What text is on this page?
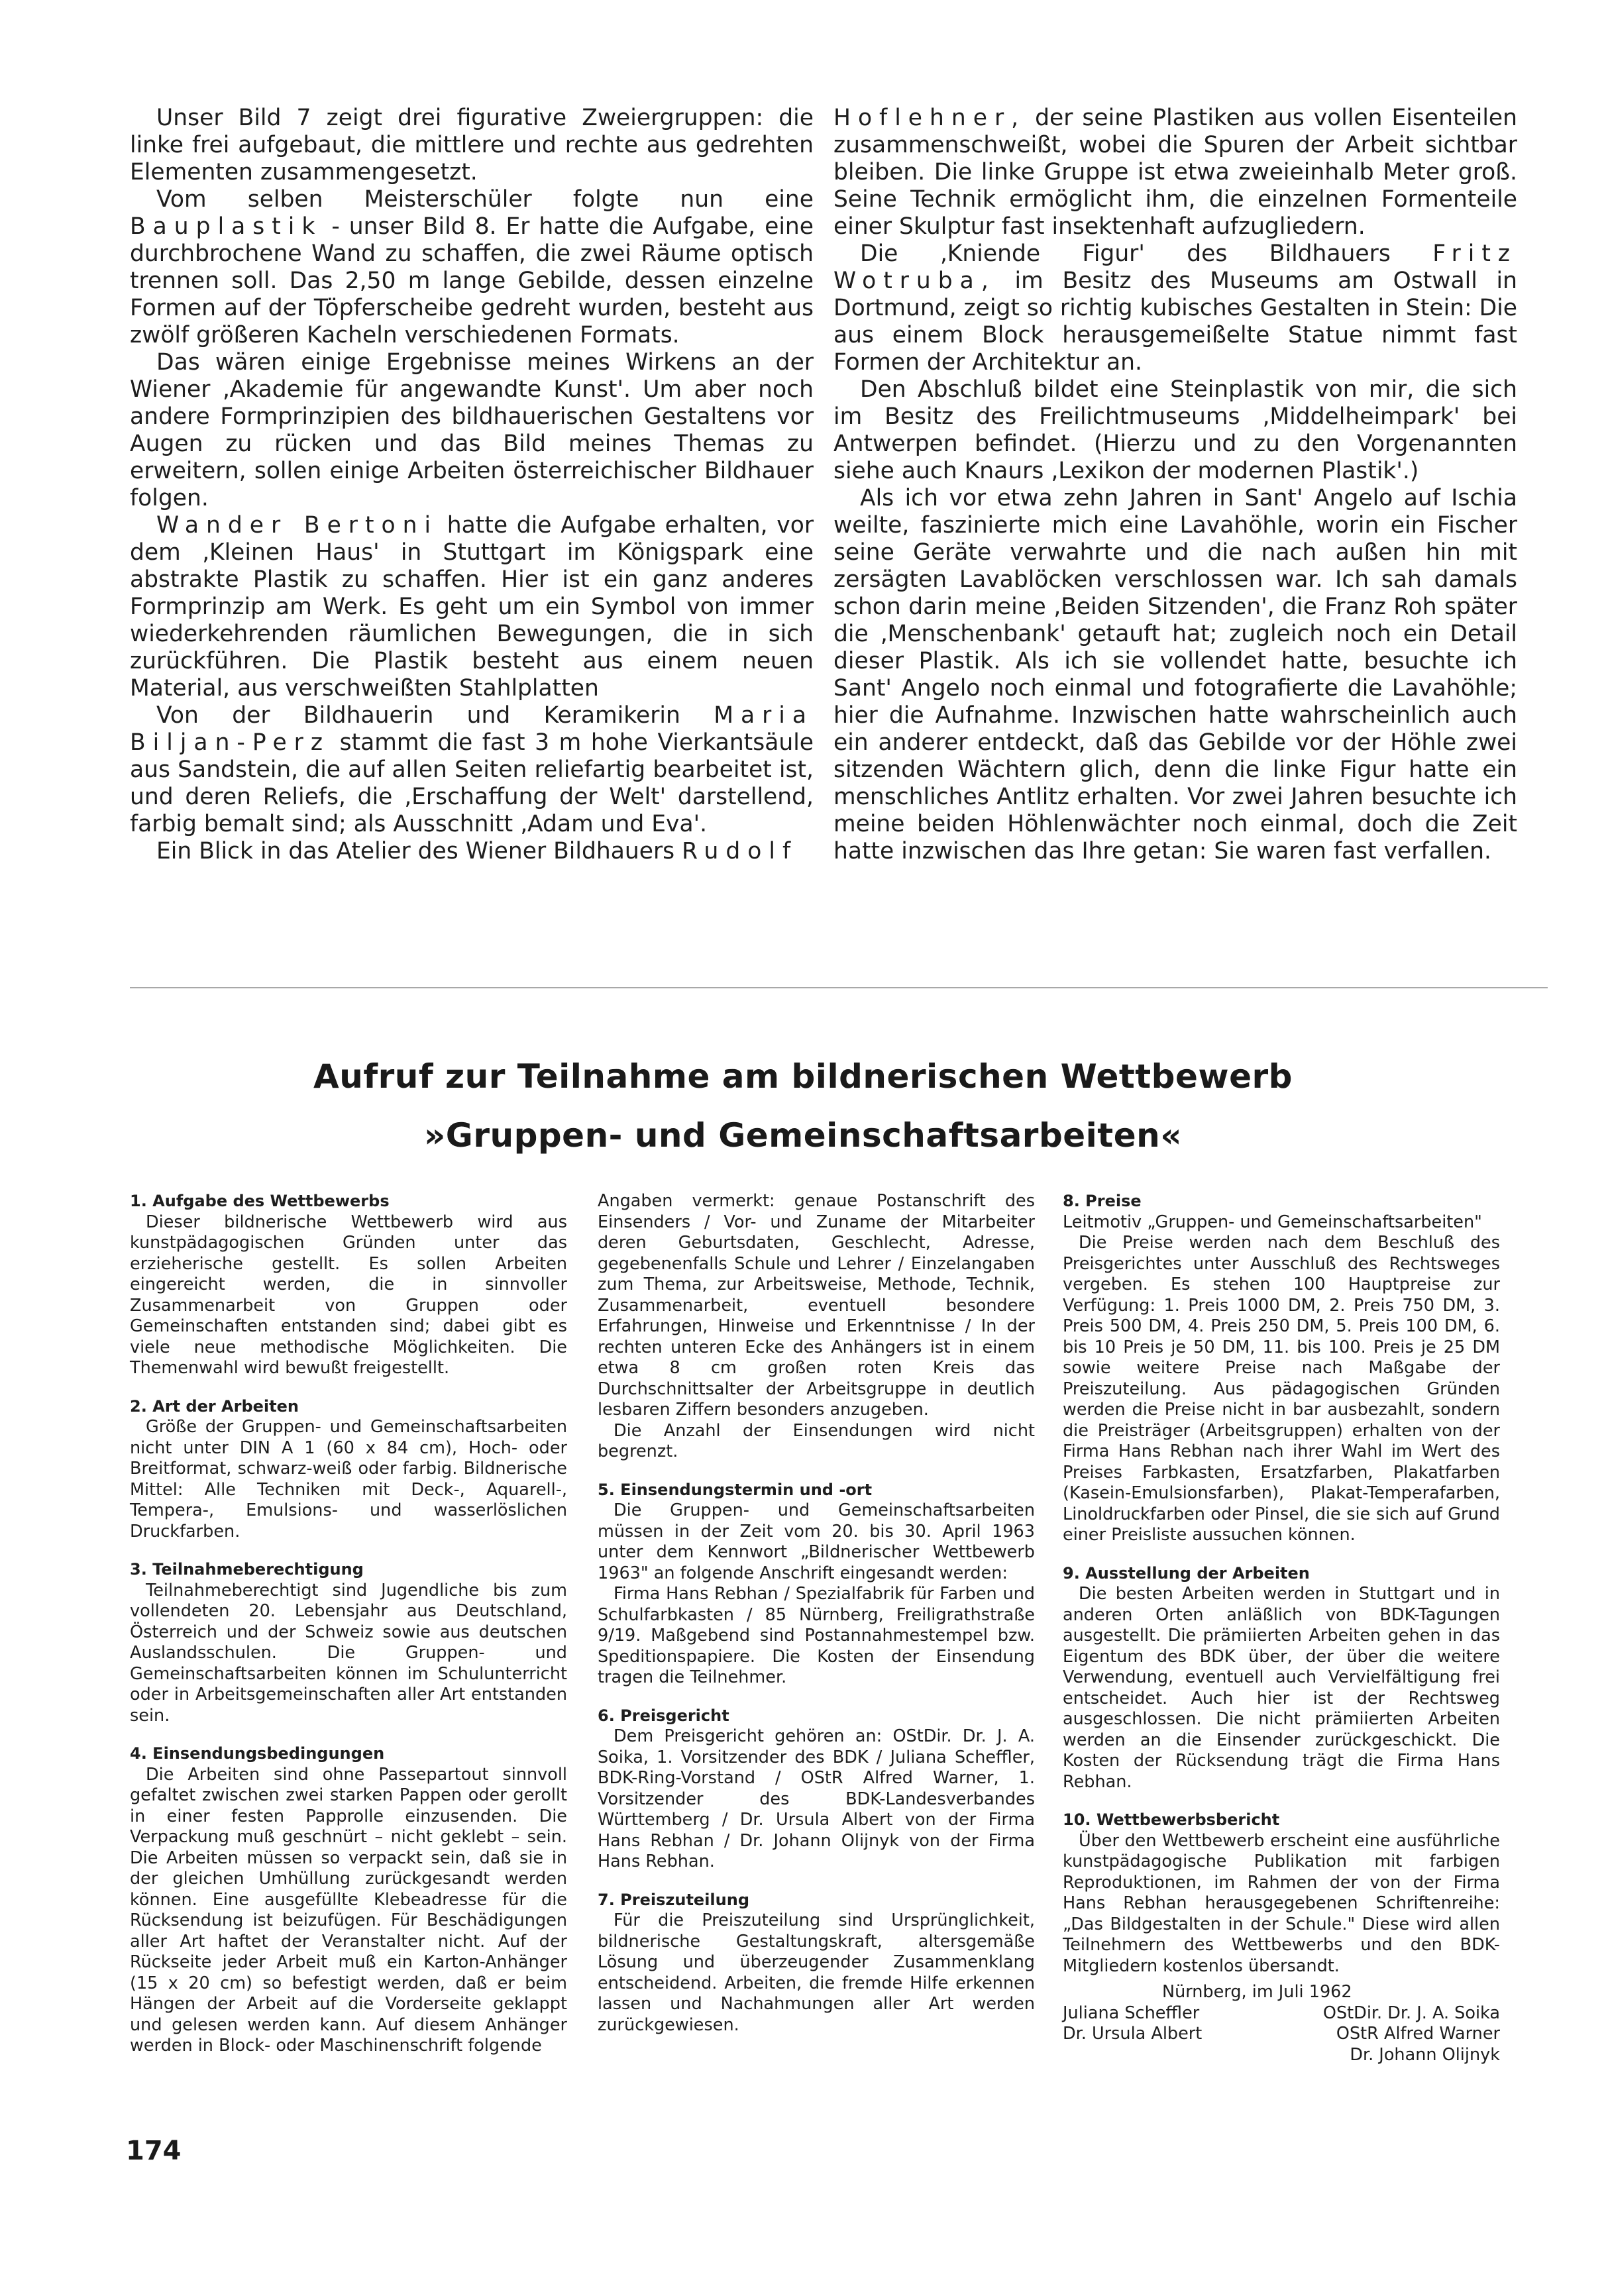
Unser Bild 7 zeigt drei figurative Zweiergruppen: die linke frei aufgebaut, die mittlere und rechte aus gedrehten Elementen zusammengesetzt.

Vom selben Meisterschüler folgte nun eine Bauplastik - unser Bild 8. Er hatte die Aufgabe, eine durchbrochene Wand zu schaffen, die zwei Räume optisch trennen soll. Das 2,50 m lange Gebilde, dessen einzelne Formen auf der Töpferscheibe gedreht wurden, besteht aus zwölf größeren Kacheln verschiedenen Formats.

Das wären einige Ergebnisse meines Wirkens an der Wiener ‚Akademie für angewandte Kunst'. Um aber noch andere Formprinzipien des bildhauerischen Gestaltens vor Augen zu rücken und das Bild meines Themas zu erweitern, sollen einige Arbeiten österreichischer Bildhauer folgen.

Wander Bertoni hatte die Aufgabe erhalten, vor dem ‚Kleinen Haus' in Stuttgart im Königspark eine abstrakte Plastik zu schaffen. Hier ist ein ganz anderes Formprinzip am Werk. Es geht um ein Symbol von immer wiederkehrenden räumlichen Bewegungen, die in sich zurückführen. Die Plastik besteht aus einem neuen Material, aus verschweißten Stahlplatten

Von der Bildhauerin und Keramikerin Maria Biljan-Perz stammt die fast 3 m hohe Vierkantsäule aus Sandstein, die auf allen Seiten reliefartig bearbeitet ist, und deren Reliefs, die ‚Erschaffung der Welt' darstellend, farbig bemalt sind; als Ausschnitt ‚Adam und Eva'.

Ein Blick in das Atelier des Wiener Bildhauers Rudolf

Hoflehner, der seine Plastiken aus vollen Eisenteilen zusammenschweißt, wobei die Spuren der Arbeit sichtbar bleiben. Die linke Gruppe ist etwa zweieinhalb Meter groß. Seine Technik ermöglicht ihm, die einzelnen Formenteile einer Skulptur fast insektenhaft aufzugliedern.

Die ‚Kniende Figur' des Bildhauers Fritz Wotruba, im Besitz des Museums am Ostwall in Dortmund, zeigt so richtig kubisches Gestalten in Stein: Die aus einem Block herausgemeißelte Statue nimmt fast Formen der Architektur an.

Den Abschluß bildet eine Steinplastik von mir, die sich im Besitz des Freilichtmuseums ‚Middelheimpark' bei Antwerpen befindet. (Hierzu und zu den Vorgenannten siehe auch Knaurs ‚Lexikon der modernen Plastik'.)

Als ich vor etwa zehn Jahren in Sant' Angelo auf Ischia weilte, faszinierte mich eine Lavahöhle, worin ein Fischer seine Geräte verwahrte und die nach außen hin mit zersägten Lavablöcken verschlossen war. Ich sah damals schon darin meine ‚Beiden Sitzenden', die Franz Roh später die ‚Menschenbank' getauft hat; zugleich noch ein Detail dieser Plastik. Als ich sie vollendet hatte, besuchte ich Sant' Angelo noch einmal und fotografierte die Lavahöhle; hier die Aufnahme. Inzwischen hatte wahrscheinlich auch ein anderer entdeckt, daß das Gebilde vor der Höhle zwei sitzenden Wächtern glich, denn die linke Figur hatte ein menschliches Antlitz erhalten. Vor zwei Jahren besuchte ich meine beiden Höhlenwächter noch einmal, doch die Zeit hatte inzwischen das Ihre getan: Sie waren fast verfallen.

Aufruf zur Teilnahme am bildnerischen Wettbewerb
»Gruppen- und Gemeinschaftsarbeiten«

1. Aufgabe des Wettbewerbs

Dieser bildnerische Wettbewerb wird aus kunstpädagogischen Gründen unter das erzieherische gestellt. Es sollen Arbeiten eingereicht werden, die in sinnvoller Zusammenarbeit von Gruppen oder Gemeinschaften entstanden sind; dabei gibt es viele neue methodische Möglichkeiten. Die Themenwahl wird bewußt freigestellt.

2. Art der Arbeiten

Größe der Gruppen- und Gemeinschaftsarbeiten nicht unter DIN A 1 (60 x 84 cm), Hoch- oder Breitformat, schwarz-weiß oder farbig. Bildnerische Mittel: Alle Techniken mit Deck-, Aquarell-, Tempera-, Emulsions- und wasserlöslichen Druckfarben.

3. Teilnahmeberechtigung

Teilnahmeberechtigt sind Jugendliche bis zum vollendeten 20. Lebensjahr aus Deutschland, Österreich und der Schweiz sowie aus deutschen Auslandsschulen. Die Gruppen- und Gemeinschaftsarbeiten können im Schulunterricht oder in Arbeitsgemeinschaften aller Art entstanden sein.

4. Einsendungsbedingungen

Die Arbeiten sind ohne Passepartout sinnvoll gefaltet zwischen zwei starken Pappen oder gerollt in einer festen Papprolle einzusenden. Die Verpackung muß geschnürt – nicht geklebt – sein. Die Arbeiten müssen so verpackt sein, daß sie in der gleichen Umhüllung zurückgesandt werden können. Eine ausgefüllte Klebeadresse für die Rücksendung ist beizufügen. Für Beschädigungen aller Art haftet der Veranstalter nicht. Auf der Rückseite jeder Arbeit muß ein Karton-Anhänger (15 x 20 cm) so befestigt werden, daß er beim Hängen der Arbeit auf die Vorderseite geklappt und gelesen werden kann. Auf diesem Anhänger werden in Block- oder Maschinenschrift folgende

Angaben vermerkt: genaue Postanschrift des Einsenders / Vor- und Zuname der Mitarbeiter deren Geburtsdaten, Geschlecht, Adresse, gegebenenfalls Schule und Lehrer / Einzelangaben zum Thema, zur Arbeitsweise, Methode, Technik, Zusammenarbeit, eventuell besondere Erfahrungen, Hinweise und Erkenntnisse / In der rechten unteren Ecke des Anhängers ist in einem etwa 8 cm großen roten Kreis das Durchschnittsalter der Arbeitsgruppe in deutlich lesbaren Ziffern besonders anzugeben.

Die Anzahl der Einsendungen wird nicht begrenzt.

5. Einsendungstermin und -ort

Die Gruppen- und Gemeinschaftsarbeiten müssen in der Zeit vom 20. bis 30. April 1963 unter dem Kennwort „Bildnerischer Wettbewerb 1963" an folgende Anschrift eingesandt werden:

Firma Hans Rebhan / Spezialfabrik für Farben und Schulfarbkasten / 85 Nürnberg, Freiligrathstraße 9/19. Maßgebend sind Postannahmestempel bzw. Speditionspapiere. Die Kosten der Einsendung tragen die Teilnehmer.

6. Preisgericht

Dem Preisgericht gehören an: OStDir. Dr. J. A. Soika, 1. Vorsitzender des BDK / Juliana Scheffler, BDK-Ring-Vorstand / OStR Alfred Warner, 1. Vorsitzender des BDK-Landesverbandes Württemberg / Dr. Ursula Albert von der Firma Hans Rebhan / Dr. Johann Olijnyk von der Firma Hans Rebhan.

7. Preiszuteilung

Für die Preiszuteilung sind Ursprünglichkeit, bildnerische Gestaltungskraft, altersgemäße Lösung und überzeugender Zusammenklang entscheidend. Arbeiten, die fremde Hilfe erkennen lassen und Nachahmungen aller Art werden zurückgewiesen.

8. Preise

Leitmotiv „Gruppen- und Gemeinschaftsarbeiten"

Die Preise werden nach dem Beschluß des Preisgerichtes unter Ausschluß des Rechtsweges vergeben. Es stehen 100 Hauptpreise zur Verfügung: 1. Preis 1000 DM, 2. Preis 750 DM, 3. Preis 500 DM, 4. Preis 250 DM, 5. Preis 100 DM, 6. bis 10 Preis je 50 DM, 11. bis 100. Preis je 25 DM sowie weitere Preise nach Maßgabe der Preiszuteilung. Aus pädagogischen Gründen werden die Preise nicht in bar ausbezahlt, sondern die Preisträger (Arbeitsgruppen) erhalten von der Firma Hans Rebhan nach ihrer Wahl im Wert des Preises Farbkasten, Ersatzfarben, Plakatfarben (Kasein-Emulsionsfarben), Plakat-Temperafarben, Linoldruckfarben oder Pinsel, die sie sich auf Grund einer Preisliste aussuchen können.

9. Ausstellung der Arbeiten

Die besten Arbeiten werden in Stuttgart und in anderen Orten anläßlich von BDK-Tagungen ausgestellt. Die prämiierten Arbeiten gehen in das Eigentum des BDK über, der über die weitere Verwendung, eventuell auch Vervielfältigung frei entscheidet. Auch hier ist der Rechtsweg ausgeschlossen. Die nicht prämiierten Arbeiten werden an die Einsender zurückgeschickt. Die Kosten der Rücksendung trägt die Firma Hans Rebhan.

10. Wettbewerbsbericht

Über den Wettbewerb erscheint eine ausführliche kunstpädagogische Publikation mit farbigen Reproduktionen, im Rahmen der von der Firma Hans Rebhan herausgegebenen Schriftenreihe: „Das Bildgestalten in der Schule." Diese wird allen Teilnehmern des Wettbewerbs und den BDK-Mitgliedern kostenlos übersandt.

Nürnberg, im Juli 1962

Juliana Scheffler	OStDir. Dr. J. A. Soika

Dr. Ursula Albert	OStR Alfred Warner

Dr. Johann Olijnyk

174
